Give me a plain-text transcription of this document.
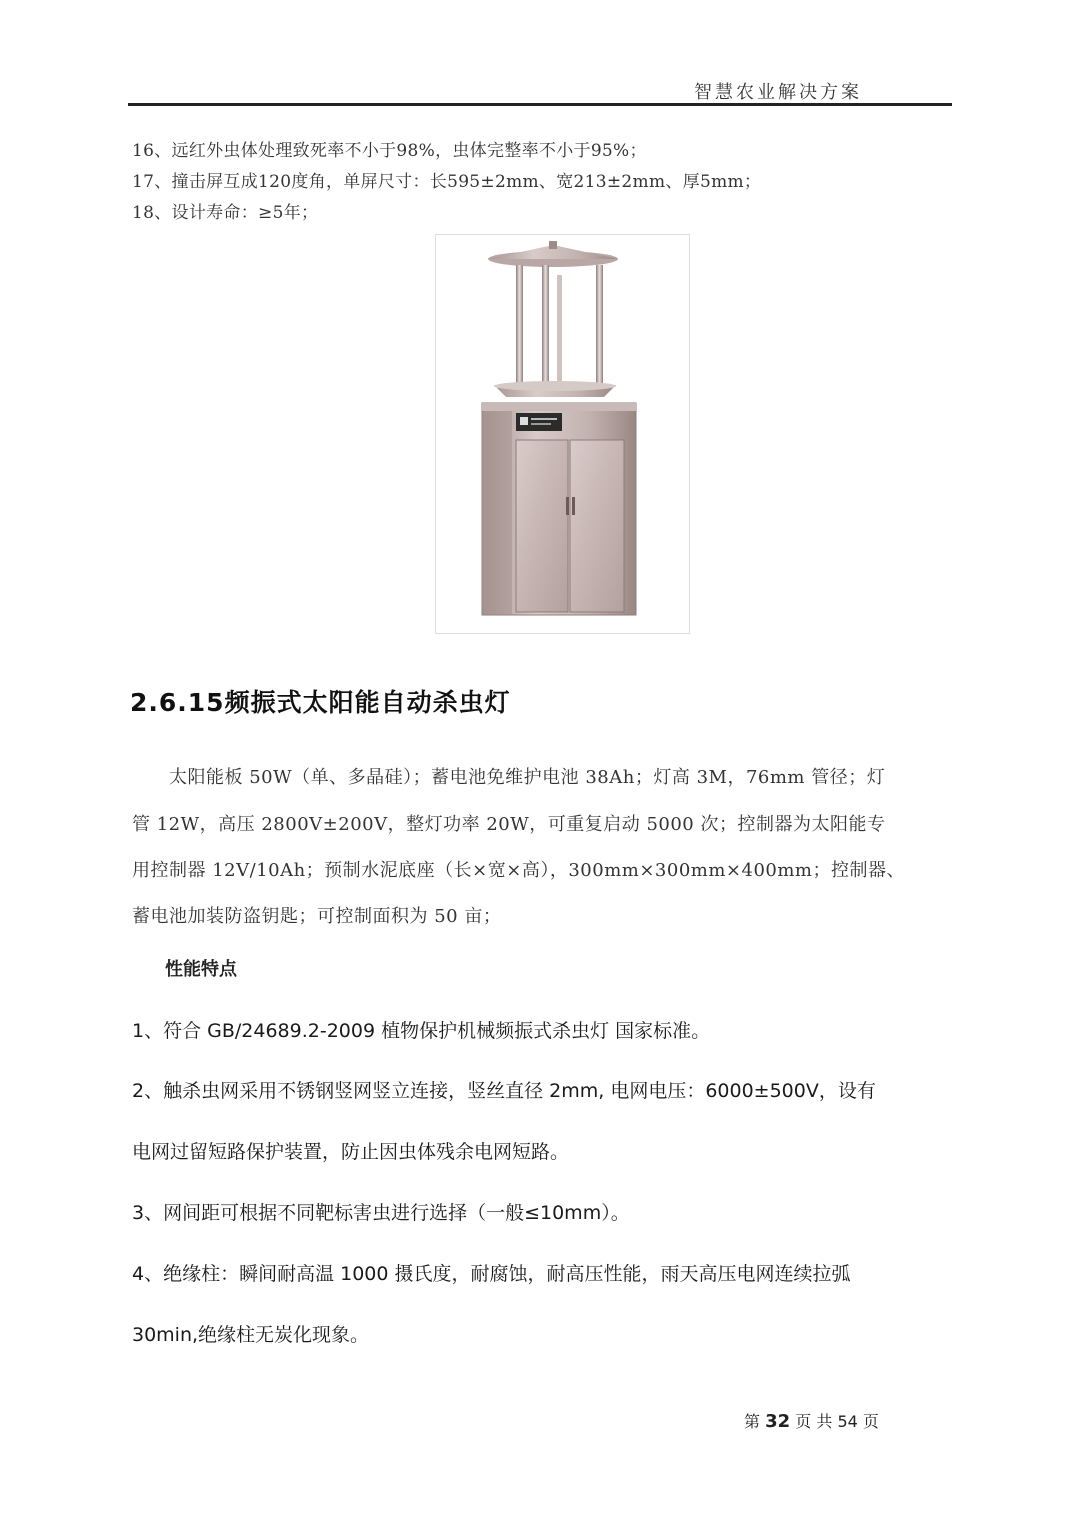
智慧农业解决方案
16、远红外虫体处理致死率不小于98%，虫体完整率不小于95%；
17、撞击屏互成120度角，单屏尺寸：长595±2mm、宽213±2mm、厚5mm；
18、设计寿命：≥5年；
2.6.15频振式太阳能自动杀虫灯
　　太阳能板 50W（单、多晶硅）；蓄电池免维护电池 38Ah；灯高 3M，76mm 管径；灯
管 12W，高压 2800V±200V，整灯功率 20W，可重复启动 5000 次；控制器为太阳能专
用控制器 12V/10Ah；预制水泥底座（长×宽×高），300mm×300mm×400mm；控制器、
蓄电池加装防盗钥匙；可控制面积为 50 亩；
性能特点
1、符合 GB/24689.2-2009 植物保护机械频振式杀虫灯 国家标准。
2、触杀虫网采用不锈钢竖网竖立连接，竖丝直径 2mm, 电网电压：6000±500V，设有
电网过留短路保护装置，防止因虫体残余电网短路。
3、网间距可根据不同靶标害虫进行选择（一般≤10mm）。
4、绝缘柱：瞬间耐高温 1000 摄氏度，耐腐蚀，耐高压性能，雨天高压电网连续拉弧
30min,绝缘柱无炭化现象。
第 32 页 共 54 页
